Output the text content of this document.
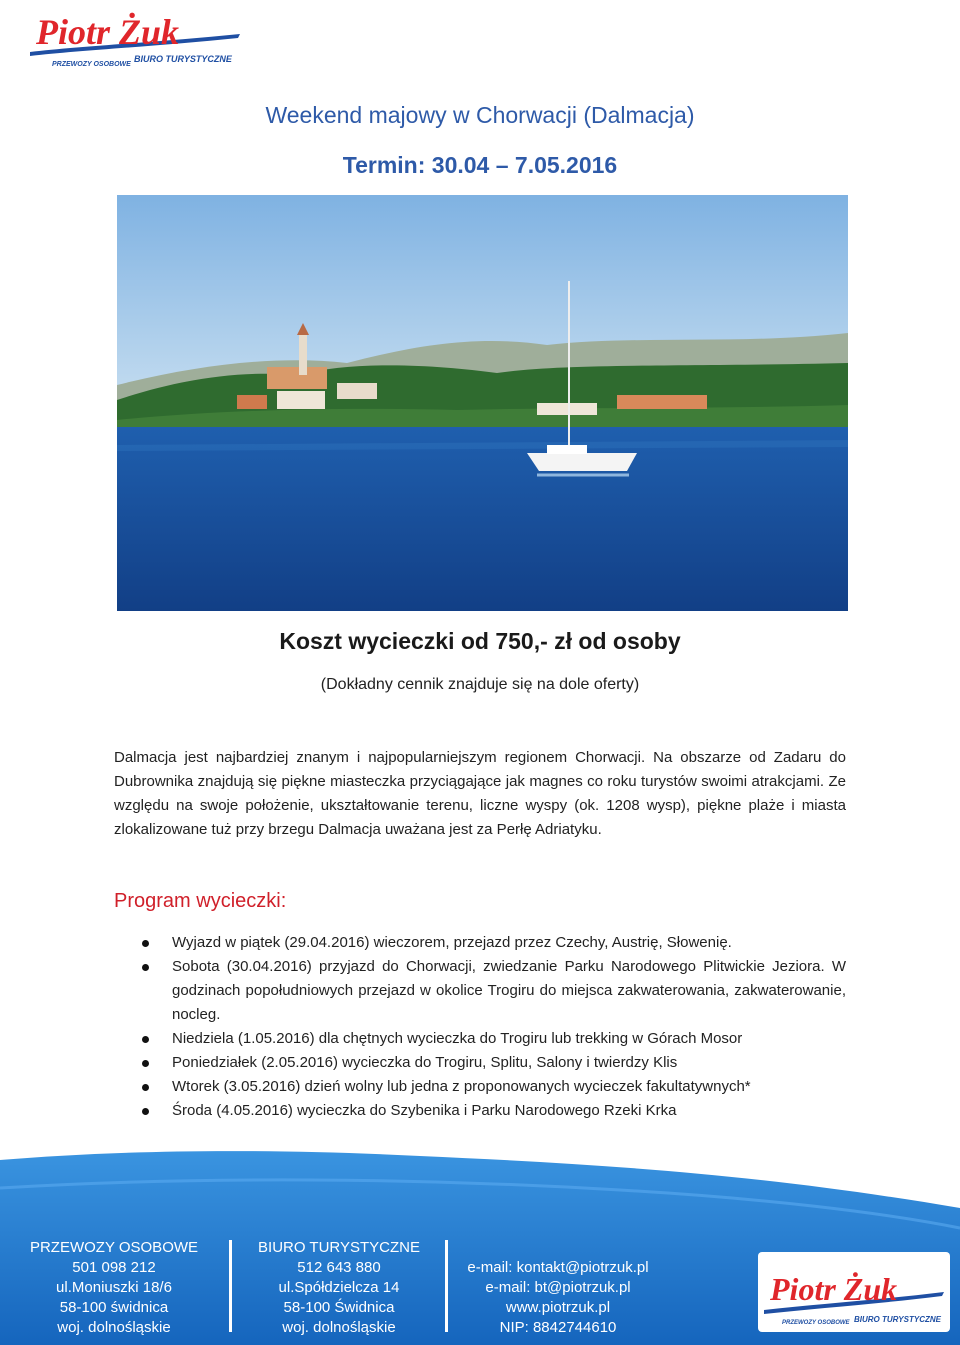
Piotr Żuk
PRZEWOZY OSOBOWE
BIURO TURYSTYCZNE
Weekend majowy w Chorwacji (Dalmacja)
Termin: 30.04 – 7.05.2016
Koszt wycieczki od 750,- zł od osoby
(Dokładny cennik znajduje się na dole oferty)

Dalmacja jest najbardziej znanym i najpopularniejszym regionem Chorwacji. Na obszarze od Zadaru do Dubrownika znajdują się piękne miasteczka przyciągające jak magnes co roku turystów swoimi atrakcjami. Ze względu na swoje położenie, ukształtowanie terenu, liczne wyspy (ok. 1208 wysp), piękne plaże i miasta zlokalizowane tuż przy brzegu Dalmacja uważana jest za Perłę Adriatyku.

Program wycieczki:
Wyjazd w piątek (29.04.2016) wieczorem, przejazd przez Czechy, Austrię, Słowenię.
Sobota (30.04.2016) przyjazd do Chorwacji, zwiedzanie Parku Narodowego Plitwickie Jeziora. W godzinach popołudniowych przejazd w okolice Trogiru do miejsca zakwaterowania, zakwaterowanie, nocleg.
Niedziela (1.05.2016) dla chętnych wycieczka do Trogiru lub trekking w Górach Mosor
Poniedziałek (2.05.2016) wycieczka do Trogiru, Splitu, Salony i twierdzy Klis
Wtorek (3.05.2016) dzień wolny lub jedna z proponowanych wycieczek fakultatywnych*
Środa (4.05.2016) wycieczka do Szybenika i Parku Narodowego Rzeki Krka
PRZEWOZY OSOBOWE
501 098 212
ul.Moniuszki 18/6
58-100 świdnica
woj. dolnośląskie
BIURO TURYSTYCZNE
512 643 880
ul.Spółdzielcza 14
58-100 Świdnica
woj. dolnośląskie
e-mail: kontakt@piotrzuk.pl
e-mail: bt@piotrzuk.pl
www.piotrzuk.pl
NIP: 8842744610
Piotr Żuk
PRZEWOZY OSOBOWE BIURO TURYSTYCZNE
